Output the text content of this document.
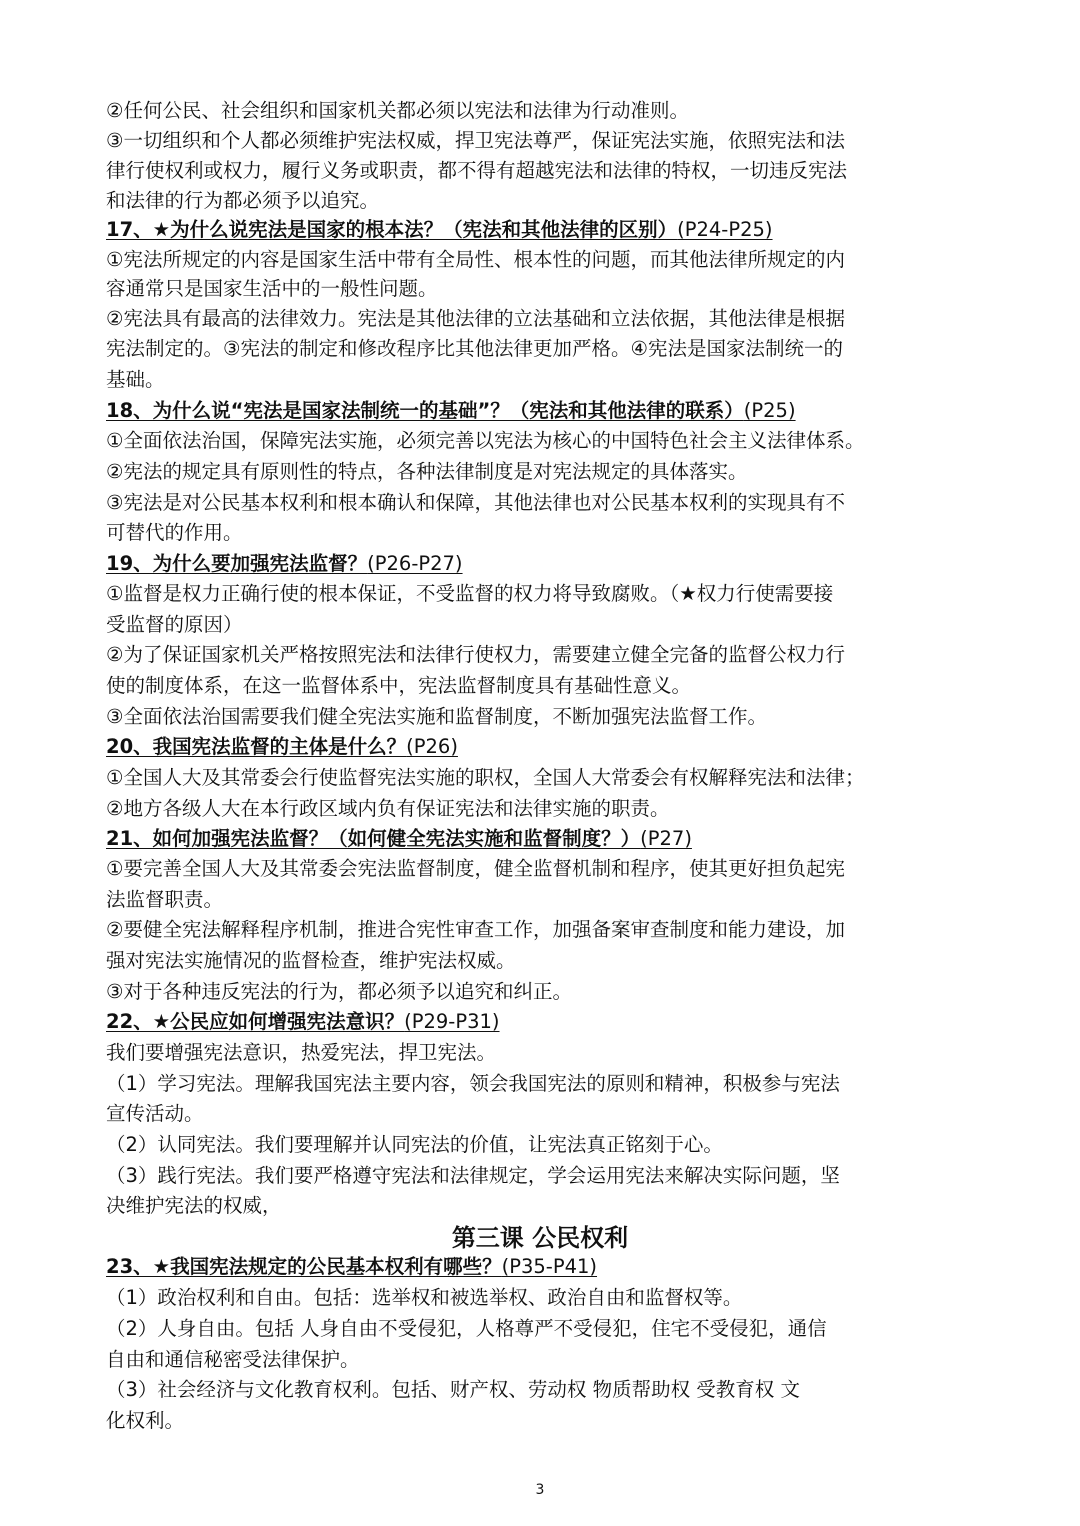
②任何公民、社会组织和国家机关都必须以宪法和法律为行动准则。
③一切组织和个人都必须维护宪法权威，捍卫宪法尊严，保证宪法实施，依照宪法和法
律行使权利或权力，履行义务或职责，都不得有超越宪法和法律的特权，一切违反宪法
和法律的行为都必须予以追究。
17、★为什么说宪法是国家的根本法？（宪法和其他法律的区别）(P24-P25)
①宪法所规定的内容是国家生活中带有全局性、根本性的问题，而其他法律所规定的内
容通常只是国家生活中的一般性问题。
②宪法具有最高的法律效力。宪法是其他法律的立法基础和立法依据，其他法律是根据
宪法制定的。③宪法的制定和修改程序比其他法律更加严格。④宪法是国家法制统一的
基础。
18、为什么说“宪法是国家法制统一的基础”？（宪法和其他法律的联系）(P25)
①全面依法治国，保障宪法实施，必须完善以宪法为核心的中国特色社会主义法律体系。
②宪法的规定具有原则性的特点，各种法律制度是对宪法规定的具体落实。
③宪法是对公民基本权利和根本确认和保障，其他法律也对公民基本权利的实现具有不
可替代的作用。
19、为什么要加强宪法监督？(P26-P27)
①监督是权力正确行使的根本保证，不受监督的权力将导致腐败。（★权力行使需要接
受监督的原因）
②为了保证国家机关严格按照宪法和法律行使权力，需要建立健全完备的监督公权力行
使的制度体系，在这一监督体系中，宪法监督制度具有基础性意义。
③全面依法治国需要我们健全宪法实施和监督制度，不断加强宪法监督工作。
20、我国宪法监督的主体是什么？(P26)
①全国人大及其常委会行使监督宪法实施的职权，全国人大常委会有权解释宪法和法律；
②地方各级人大在本行政区域内负有保证宪法和法律实施的职责。
21、如何加强宪法监督？（如何健全宪法实施和监督制度？）(P27)
①要完善全国人大及其常委会宪法监督制度，健全监督机制和程序，使其更好担负起宪
法监督职责。
②要健全宪法解释程序机制，推进合宪性审查工作，加强备案审查制度和能力建设，加
强对宪法实施情况的监督检查，维护宪法权威。
③对于各种违反宪法的行为，都必须予以追究和纠正。
22、★公民应如何增强宪法意识？(P29-P31)
我们要增强宪法意识，热爱宪法，捍卫宪法。
（1）学习宪法。理解我国宪法主要内容，领会我国宪法的原则和精神，积极参与宪法
宣传活动。
（2）认同宪法。我们要理解并认同宪法的价值，让宪法真正铭刻于心。
（3）践行宪法。我们要严格遵守宪法和法律规定，学会运用宪法来解决实际问题，坚
决维护宪法的权威，
第三课 公民权利
23、★我国宪法规定的公民基本权利有哪些？(P35-P41)
（1）政治权利和自由。包括：选举权和被选举权、政治自由和监督权等。
（2）人身自由。包括 人身自由不受侵犯，人格尊严不受侵犯，住宅不受侵犯，通信
自由和通信秘密受法律保护。
（3）社会经济与文化教育权利。包括、财产权、劳动权 物质帮助权 受教育权 文
化权利。
3
